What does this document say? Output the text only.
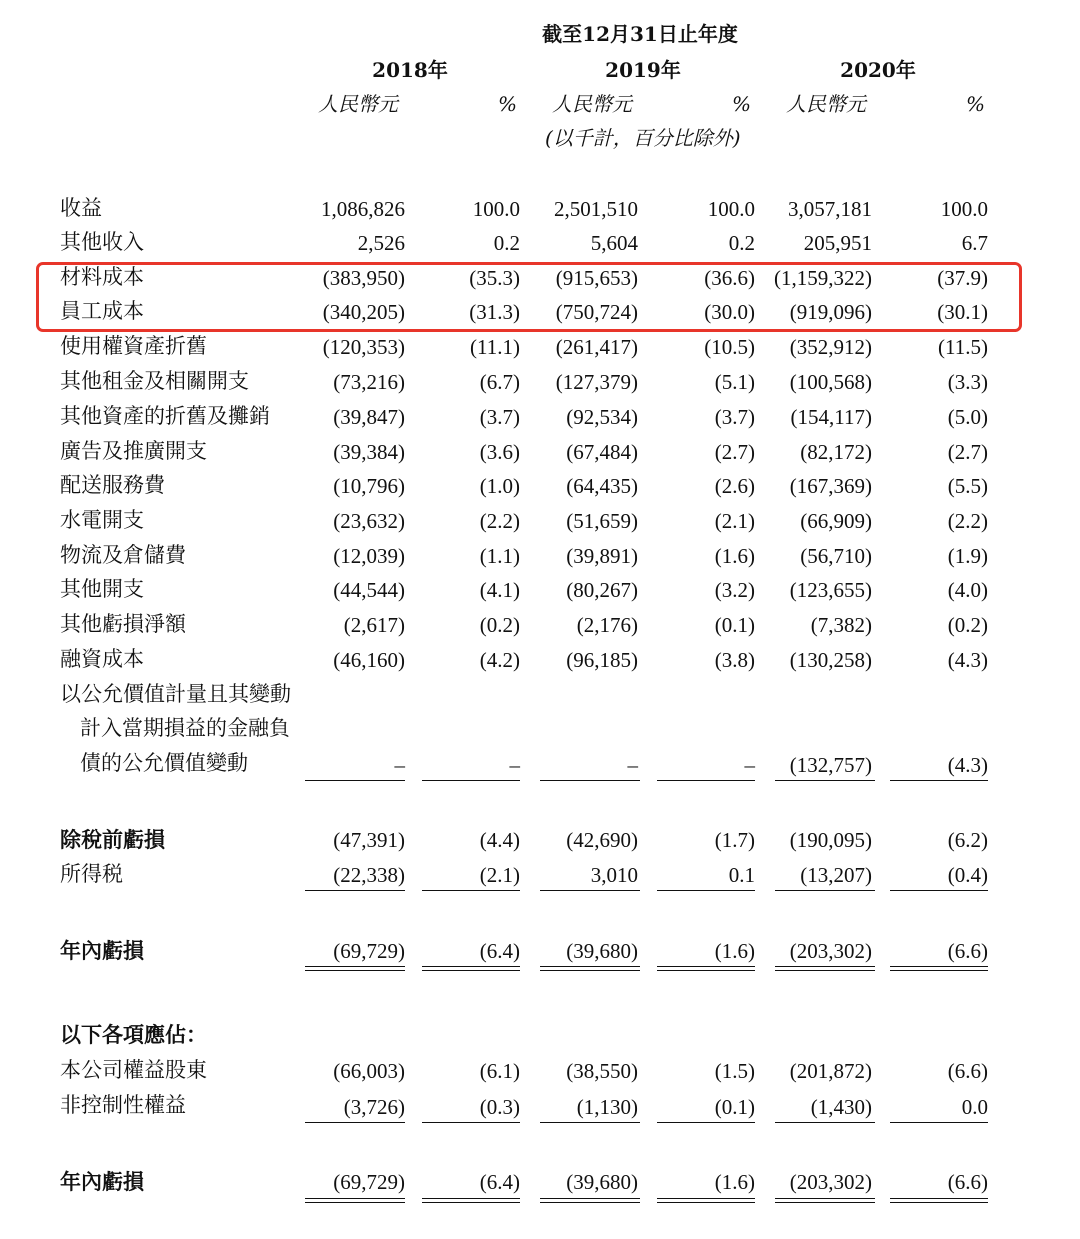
截至12月31日止年度
2018年	2019年	2020年
人民幣元	% 人民幣元	% 人民幣元	%
(以千計，百分比除外)
收益	1,086,826	100.0	2,501,510	100.0	3,057,181	100.0
其他收入	2,526	0.2	5,604	0.2	205,951	6.7
材料成本	(383,950)	(35.3)	(915,653)	(36.6) (1,159,322)	(37.9)
員工成本	(340,205)	(31.3)	(750,724)	(30.0)	(919,096)	(30.1)
使用權資產折舊	(120,353)	(11.1)	(261,417)	(10.5)	(352,912)	(11.5)
其他租金及相關開支	(73,216)	(6.7)	(127,379)	(5.1)	(100,568)	(3.3)
其他資產的折舊及攤銷	(39,847)	(3.7)	(92,534)	(3.7)	(154,117)	(5.0)
廣告及推廣開支	(39,384)	(3.6)	(67,484)	(2.7)	(82,172)	(2.7)
配送服務費	(10,796)	(1.0)	(64,435)	(2.6)	(167,369)	(5.5)
水電開支	(23,632)	(2.2)	(51,659)	(2.1)	(66,909)	(2.2)
物流及倉儲費	(12,039)	(1.1)	(39,891)	(1.6)	(56,710)	(1.9)
其他開支	(44,544)	(4.1)	(80,267)	(3.2)	(123,655)	(4.0)
其他虧損淨額	(2,617)	(0.2)	(2,176)	(0.1)	(7,382)	(0.2)
融資成本	(46,160)	(4.2)	(96,185)	(3.8)	(130,258)	(4.3)
以公允價值計量且其變動
計入當期損益的金融負
債的公允價值變動	–	–	–	–	(132,757)	(4.3)
除稅前虧損	(47,391)	(4.4)	(42,690)	(1.7)	(190,095)	(6.2)
所得税	(22,338)	(2.1)	3,010	0.1	(13,207)	(0.4)
年內虧損	(69,729)	(6.4)	(39,680)	(1.6)	(203,302)	(6.6)
以下各項應佔：
本公司權益股東	(66,003)	(6.1)	(38,550)	(1.5)	(201,872)	(6.6)
非控制性權益	(3,726)	(0.3)	(1,130)	(0.1)	(1,430)	0.0
年內虧損	(69,729)	(6.4)	(39,680)	(1.6)	(203,302)	(6.6)
